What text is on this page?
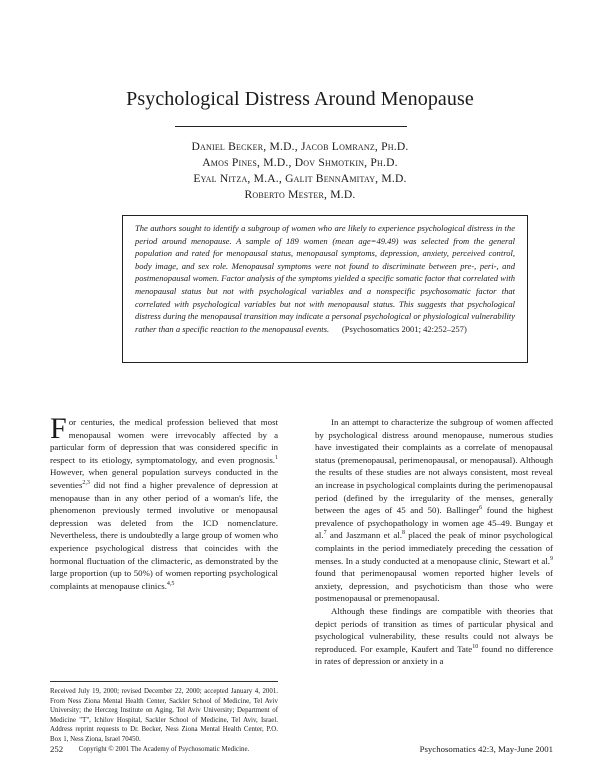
Psychological Distress Around Menopause
Daniel Becker, M.D., Jacob Lomranz, Ph.D.
Amos Pines, M.D., Dov Shmotkin, Ph.D.
Eyal Nitza, M.A., Galit BennAmitay, M.D.
Roberto Mester, M.D.
The authors sought to identify a subgroup of women who are likely to experience psychological distress in the period around menopause. A sample of 189 women (mean age=49.49) was selected from the general population and rated for menopausal status, menopausal symptoms, depression, anxiety, perceived control, body image, and sex role. Menopausal symptoms were not found to discriminate between pre-, peri-, and postmenopausal women. Factor analysis of the symptoms yielded a specific somatic factor that correlated with menopausal status but not with psychological variables and a nonspecific psychosomatic factor that correlated with psychological variables but not with menopausal status. This suggests that psychological distress during the menopausal transition may indicate a personal psychological or physiological vulnerability rather than a specific reaction to the menopausal events. (Psychosomatics 2001; 42:252–257)

For centuries, the medical profession believed that most menopausal women were irrevocably affected by a particular form of depression that was considered specific in respect to its etiology, symptomatology, and even prognosis.$^1$ However, when general population surveys conducted in the seventies$^{2,3}$ did not find a higher prevalence of depression at menopause than in any other period of a woman's life, the phenomenon previously termed involutive or menopausal depression was deleted from the ICD nomenclature. Nevertheless, there is undoubtedly a large group of women who experience psychological distress that coincides with the hormonal fluctuation of the climacteric, as demonstrated by the large proportion (up to 50%) of women reporting psychological complaints at menopause clinics.$^{4,5}$

Received July 19, 2000; revised December 22, 2000; accepted January 4, 2001. From Ness Ziona Mental Health Center, Sackler School of Medicine, Tel Aviv University; the Herczeg Institute on Aging, Tel Aviv University; Department of Medicine "T", Ichilov Hospital, Sackler School of Medicine, Tel Aviv, Israel. Address reprint requests to Dr. Becker, Ness Ziona Mental Health Center, P.O. Box 1, Ness Ziona, Israel 70450.
Copyright © 2001 The Academy of Psychosomatic Medicine.

In an attempt to characterize the subgroup of women affected by psychological distress around menopause, numerous studies have investigated their complaints as a correlate of menopausal status (premenopausal, perimenopausal, or menopausal). Although the results of these studies are not always consistent, most reveal an increase in psychological complaints during the perimenopausal period (defined by the irregularity of the menses, generally between the ages of 45 and 50). Ballinger$^6$ found the highest prevalence of psychopathology in women age 45–49. Bungay et al.$^7$ and Jaszmann et al.$^8$ placed the peak of minor psychological complaints in the period immediately preceding the cessation of menses. In a study conducted at a menopause clinic, Stewart et al.$^9$ found that perimenopausal women reported higher levels of anxiety, depression, and psychoticism than those who were postmenopausal or premenopausal.

Although these findings are compatible with theories that depict periods of transition as times of particular physical and psychological vulnerability, these results could not always be reproduced. For example, Kaufert and Tate$^{10}$ found no difference in rates of depression or anxiety in a

252	Psychosomatics 42:3, May-June 2001
